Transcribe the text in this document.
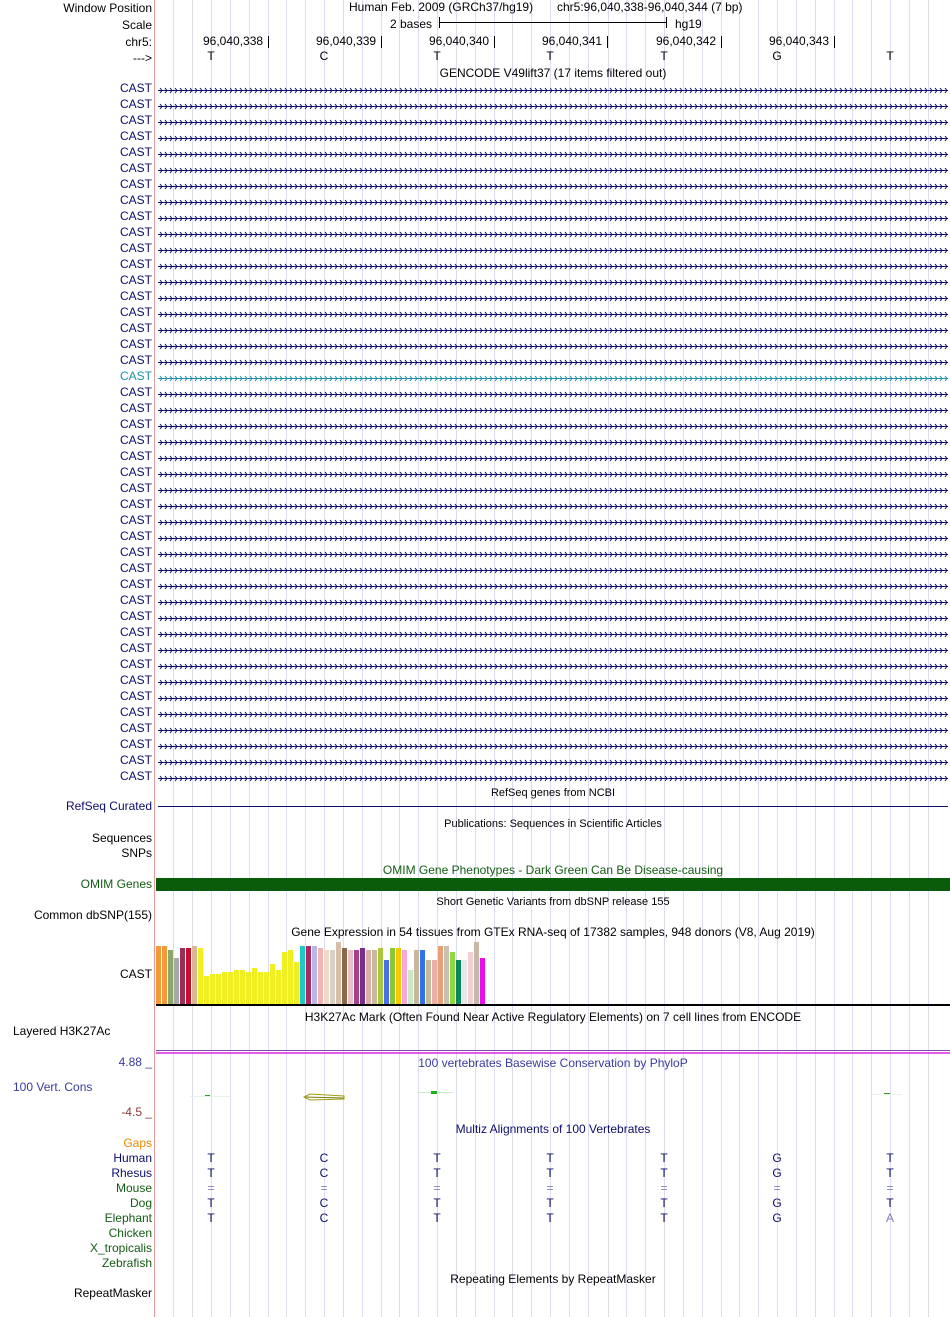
Window Position	Human Feb. 2009 (GRCh37/hg19) chr5:96,040,338-96,040,344 (7 bp)
Scale	2 bases	hg19
chr5:	96,040,338	96,040,339	96,040,340	96,040,341	96,040,342	96,040,343
--->	T	C	T	T	T	G	T
GENCODE V49lift37 (17 items filtered out)
CAST
CAST
CAST
CAST
CAST
CAST
CAST
CAST
CAST
CAST
CAST
CAST
CAST
CAST
CAST
CAST
CAST
CAST
CAST
CAST
CAST
CAST
CAST
CAST
CAST
CAST
CAST
CAST
CAST
CAST
CAST
CAST
CAST
CAST
CAST
CAST
CAST
CAST
CAST
CAST
CAST
CAST
CAST
CAST
RefSeq genes from NCBI
RefSeq Curated
Publications: Sequences in Scientific Articles
Sequences
SNPs
OMIM Gene Phenotypes - Dark Green Can Be Disease-causing
OMIM Genes
Short Genetic Variants from dbSNP release 155
Common dbSNP(155)
Gene Expression in 54 tissues from GTEx RNA-seq of 17382 samples, 948 donors (V8, Aug 2019)
CAST
H3K27Ac Mark (Often Found Near Active Regulatory Elements) on 7 cell lines from ENCODE
Layered H3K27Ac
100 vertebrates Basewise Conservation by PhyloP
4.88 _
100 Vert. Cons
-4.5 _
Multiz Alignments of 100 Vertebrates
Gaps
Human	T	C	T	T	T	G	T
Rhesus	T	C	T	T	T	G	T
Mouse	=	=	=	=	=	=	=
Dog	T	C	T	T	T	G	T
Elephant	T	C	T	T	T	G	A
Chicken
X_tropicalis
Zebrafish
Repeating Elements by RepeatMasker
RepeatMasker
